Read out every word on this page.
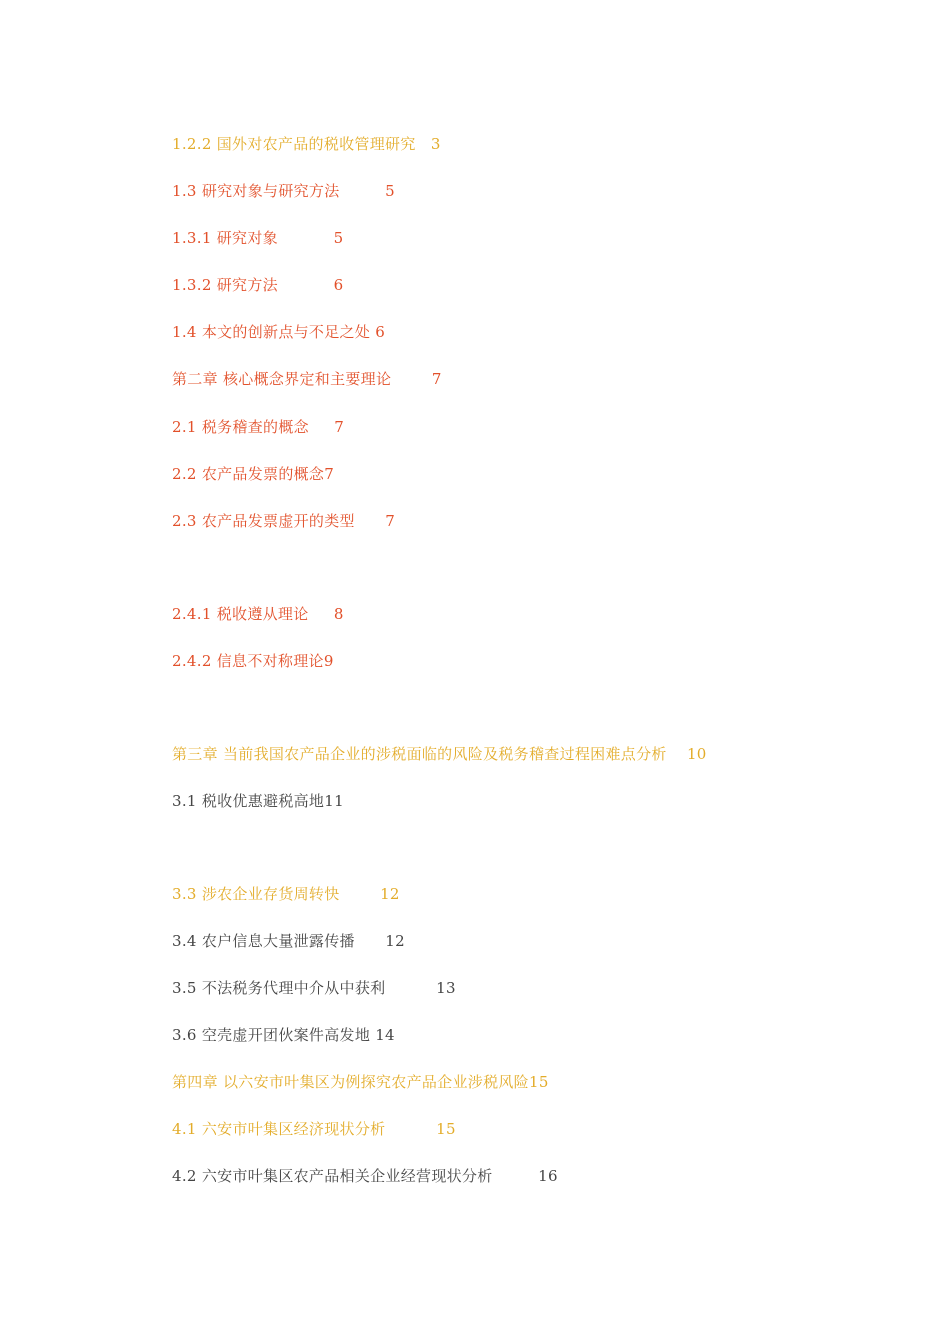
1.2.2 国外对农产品的税收管理研究   3
1.3 研究对象与研究方法         5
1.3.1 研究对象           5
1.3.2 研究方法           6
1.4 本文的创新点与不足之处 6
第二章 核心概念界定和主要理论        7
2.1 税务稽查的概念     7
2.2 农产品发票的概念7
2.3 农产品发票虚开的类型      7
2.4.1 税收遵从理论     8
2.4.2 信息不对称理论9
第三章 当前我国农产品企业的涉税面临的风险及税务稽查过程困难点分析    10
3.1 税收优惠避税高地11
3.3 涉农企业存货周转快        12
3.4 农户信息大量泄露传播      12
3.5 不法税务代理中介从中获利          13
3.6 空壳虚开团伙案件高发地 14
第四章 以六安市叶集区为例探究农产品企业涉税风险15
4.1 六安市叶集区经济现状分析          15
4.2 六安市叶集区农产品相关企业经营现状分析         16
